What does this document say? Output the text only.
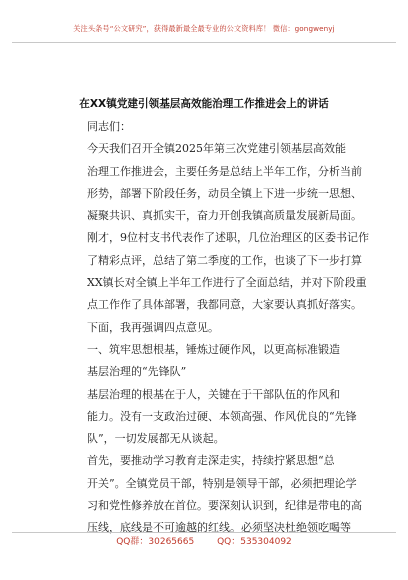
关注头条号“公文研究”，获得最新最全最专业的公文资料库！ 微信：gongwenyj
在XX镇党建引领基层高效能治理工作推进会上的讲话

同志们：

今天我们召开全镇2025年第三次党建引领基层高效能

治理工作推进会，主要任务是总结上半年工作，分析当前

形势，部署下阶段任务，动员全镇上下进一步统一思想、

凝聚共识、真抓实干，奋力开创我镇高质量发展新局面。

刚才，9位村支书代表作了述职，几位治理区的区委书记作

了精彩点评，总结了第二季度的工作，也谈了下一步打算

XX镇长对全镇上半年工作进行了全面总结，并对下阶段重

点工作作了具体部署，我都同意，大家要认真抓好落实。

下面，我再强调四点意见。

一、筑牢思想根基，锤炼过硬作风，以更高标准锻造

基层治理的“先锋队”

基层治理的根基在于人，关键在于干部队伍的作风和

能力。没有一支政治过硬、本领高强、作风优良的“先锋

队”，一切发展都无从谈起。

首先，要推动学习教育走深走实，持续拧紧思想“总

开关”。全镇党员干部，特别是领导干部，必须把理论学

习和党性修养放在首位。要深刻认识到，纪律是带电的高

压线，底线是不可逾越的红线。必须坚决杜绝领吃喝等

QQ群：30265665	QQ：535304092
